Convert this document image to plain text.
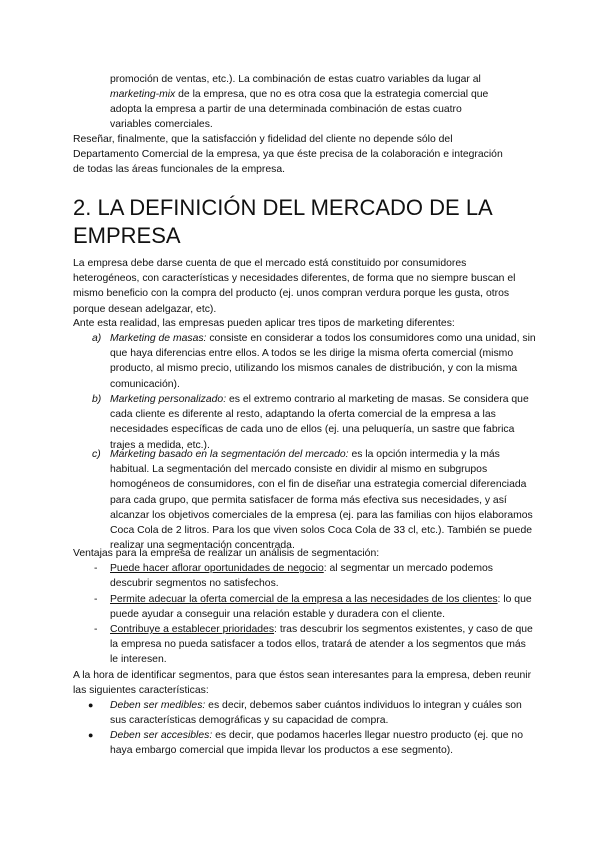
promoción de ventas, etc.). La combinación de estas cuatro variables da lugar al

marketing-mix de la empresa, que no es otra cosa que la estrategia comercial que

adopta la empresa a partir de una determinada combinación de estas cuatro

variables comerciales.

Reseñar, finalmente, que la satisfacción y fidelidad del cliente no depende sólo del Departamento Comercial de la empresa, ya que éste precisa de la colaboración e integración de todas las áreas funcionales de la empresa.

2. LA DEFINICIÓN DEL MERCADO DE LA EMPRESA

La empresa debe darse cuenta de que el mercado está constituido por consumidores heterogéneos, con características y necesidades diferentes, de forma que no siempre buscan el mismo beneficio con la compra del producto (ej. unos compran verdura porque les gusta, otros porque desean adelgazar, etc).

Ante esta realidad, las empresas pueden aplicar tres tipos de marketing diferentes:

a) Marketing de masas: consiste en considerar a todos los consumidores como una unidad, sin que haya diferencias entre ellos. A todos se les dirige la misma oferta comercial (mismo producto, al mismo precio, utilizando los mismos canales de distribución, y con la misma comunicación).

b) Marketing personalizado: es el extremo contrario al marketing de masas. Se considera que cada cliente es diferente al resto, adaptando la oferta comercial de la empresa a las necesidades específicas de cada uno de ellos (ej. una peluquería, un sastre que fabrica trajes a medida, etc.).

c) Marketing basado en la segmentación del mercado: es la opción intermedia y la más habitual. La segmentación del mercado consiste en dividir al mismo en subgrupos homogéneos de consumidores, con el fin de diseñar una estrategia comercial diferenciada para cada grupo, que permita satisfacer de forma más efectiva sus necesidades, y así alcanzar los objetivos comerciales de la empresa (ej. para las familias con hijos elaboramos Coca Cola de 2 litros. Para los que viven solos Coca Cola de 33 cl, etc.). También se puede realizar una segmentación concentrada.

Ventajas para la empresa de realizar un análisis de segmentación:

- Puede hacer aflorar oportunidades de negocio: al segmentar un mercado podemos descubrir segmentos no satisfechos.

- Permite adecuar la oferta comercial de la empresa a las necesidades de los clientes: lo que puede ayudar a conseguir una relación estable y duradera con el cliente.

- Contribuye a establecer prioridades: tras descubrir los segmentos existentes, y caso de que la empresa no pueda satisfacer a todos ellos, tratará de atender a los segmentos que más le interesen.

A la hora de identificar segmentos, para que éstos sean interesantes para la empresa, deben reunir las siguientes características:

● Deben ser medibles: es decir, debemos saber cuántos individuos lo integran y cuáles son sus características demográficas y su capacidad de compra.

● Deben ser accesibles: es decir, que podamos hacerles llegar nuestro producto (ej. que no haya embargo comercial que impida llevar los productos a ese segmento).
